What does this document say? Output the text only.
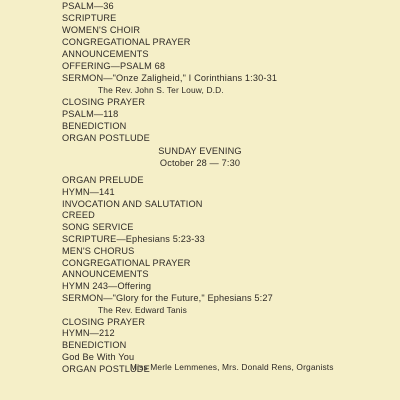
PSALM—36

SCRIPTURE

WOMEN'S CHOIR

CONGREGATIONAL PRAYER

ANNOUNCEMENTS

OFFERING—PSALM 68

SERMON—"Onze Zaligheid," I Corinthians 1:30-31

The Rev. John S. Ter Louw, D.D.

CLOSING PRAYER

PSALM—118

BENEDICTION

ORGAN POSTLUDE

SUNDAY EVENING

October 28 — 7:30

ORGAN PRELUDE

HYMN—141

INVOCATION AND SALUTATION

CREED

SONG SERVICE

SCRIPTURE—Ephesians 5:23-33

MEN'S CHORUS

CONGREGATIONAL PRAYER

ANNOUNCEMENTS

HYMN 243—Offering

SERMON—"Glory for the Future," Ephesians 5:27

The Rev. Edward Tanis

CLOSING PRAYER

HYMN—212

BENEDICTION

God Be With You

ORGAN POSTLUDE

Miss Merle Lemmenes, Mrs. Donald Rens, Organists
